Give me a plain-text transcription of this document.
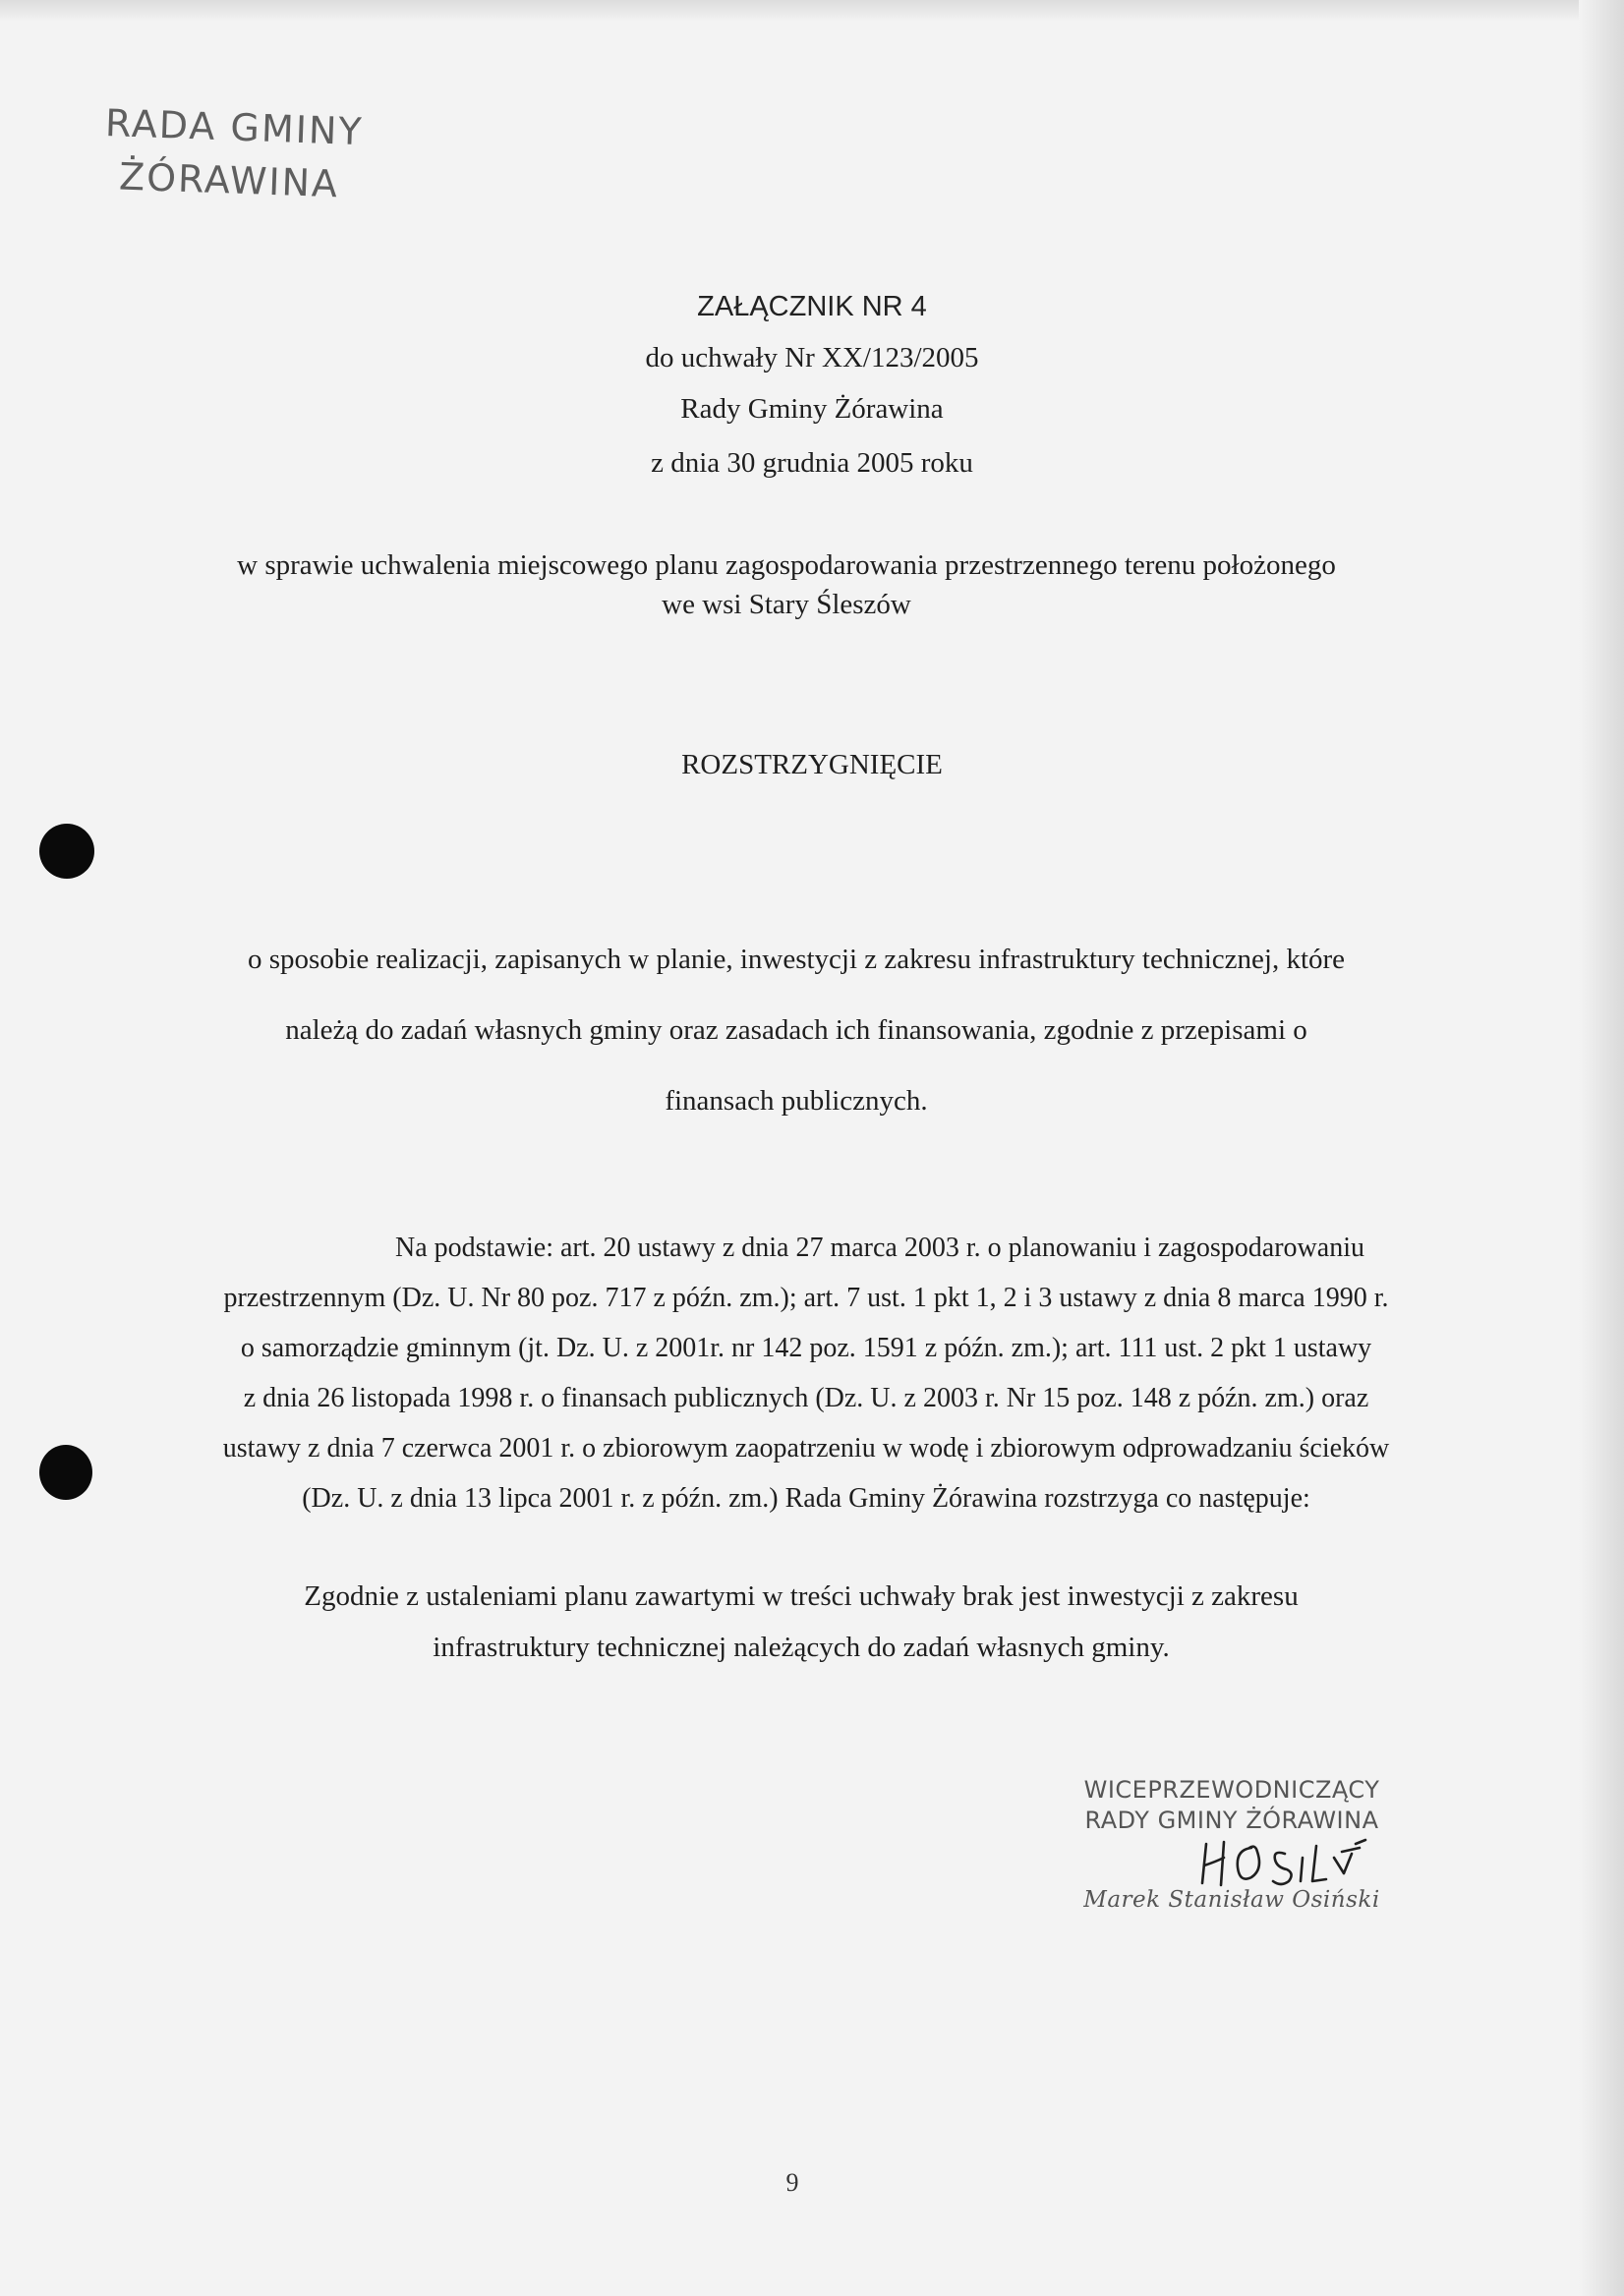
RADA GMINY
ŻÓRAWINA
ZAŁĄCZNIK NR 4
do uchwały Nr XX/123/2005
Rady Gminy Żórawina
z dnia 30 grudnia 2005 roku
w sprawie uchwalenia miejscowego planu zagospodarowania przestrzennego terenu położonego
we wsi Stary Śleszów
ROZSTRZYGNIĘCIE
o sposobie realizacji, zapisanych w planie, inwestycji z zakresu infrastruktury technicznej, które
należą do zadań własnych gminy oraz zasadach ich finansowania, zgodnie z przepisami o
finansach publicznych.
Na podstawie: art. 20 ustawy z dnia 27 marca 2003 r. o planowaniu i zagospodarowaniu
przestrzennym (Dz. U. Nr 80 poz. 717 z późn. zm.); art. 7 ust. 1 pkt 1, 2 i 3 ustawy z dnia 8 marca 1990 r.
o samorządzie gminnym (jt. Dz. U. z 2001r. nr 142 poz. 1591 z późn. zm.); art. 111 ust. 2 pkt 1 ustawy
z dnia 26 listopada 1998 r. o finansach publicznych (Dz. U. z 2003 r. Nr 15 poz. 148 z późn. zm.) oraz
ustawy z dnia 7 czerwca 2001 r. o zbiorowym zaopatrzeniu w wodę i zbiorowym odprowadzaniu ścieków
(Dz. U. z dnia 13 lipca 2001 r. z późn. zm.) Rada Gminy Żórawina rozstrzyga co następuje:
Zgodnie z ustaleniami planu zawartymi w treści uchwały brak jest inwestycji z zakresu
infrastruktury technicznej należących do zadań własnych gminy.
WICEPRZEWODNICZĄCY
RADY GMINY ŻÓRAWINA
Marek Stanisław Osiński
9
